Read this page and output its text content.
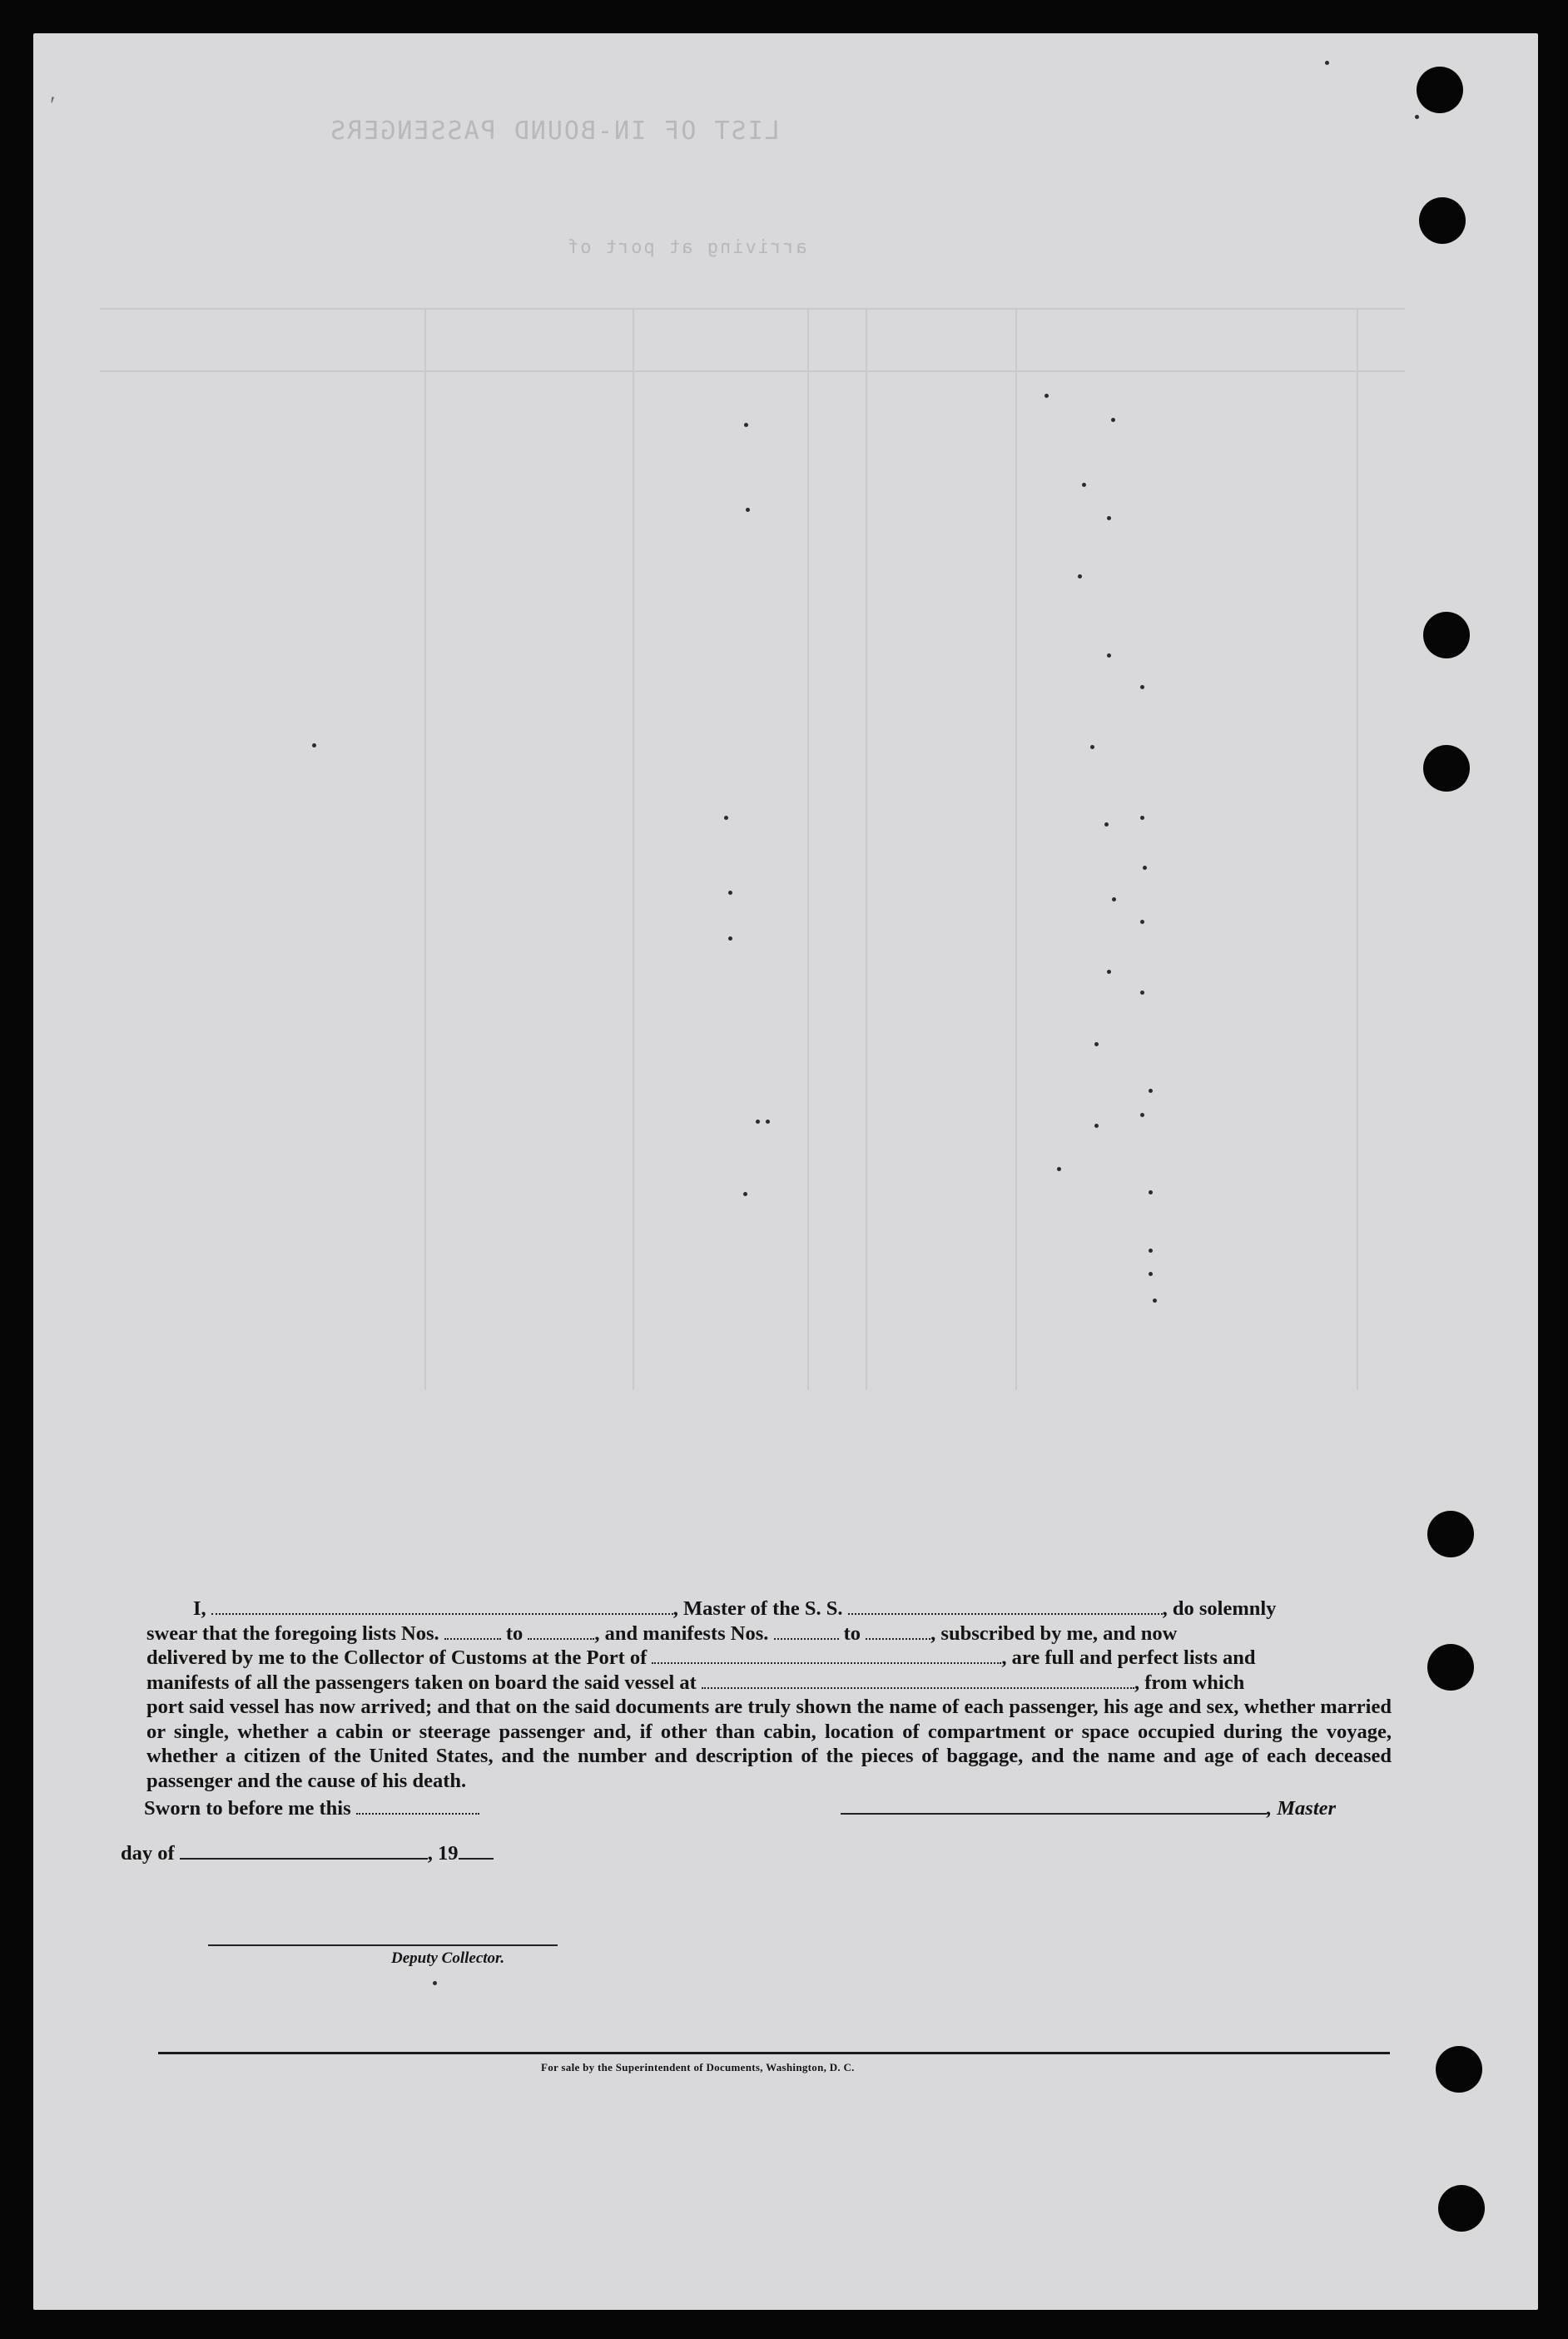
LIST OF IN-BOUND PASSENGERS
arriving at port of
ʹ

I,	, Master of the S. S.	, do solemnly

swear that the foregoing lists Nos.	to	, and manifests Nos.	to	, subscribed by me, and now

delivered by me to the Collector of Customs at the Port of	, are full and perfect lists and

manifests of all the passengers taken on board the said vessel at	, from which

port said vessel has now arrived; and that on the said documents are truly shown the name of each passenger, his age and sex, whether married or single, whether a cabin or steerage passenger and, if other than cabin, location of compartment or space occupied during the voyage, whether a citizen of the United States, and the number and description of the pieces of baggage, and the name and age of each deceased passenger and the cause of his death.

Sworn to before me this	, Master
day of	, 19
Deputy Collector.
For sale by the Superintendent of Documents, Washington, D. C.
